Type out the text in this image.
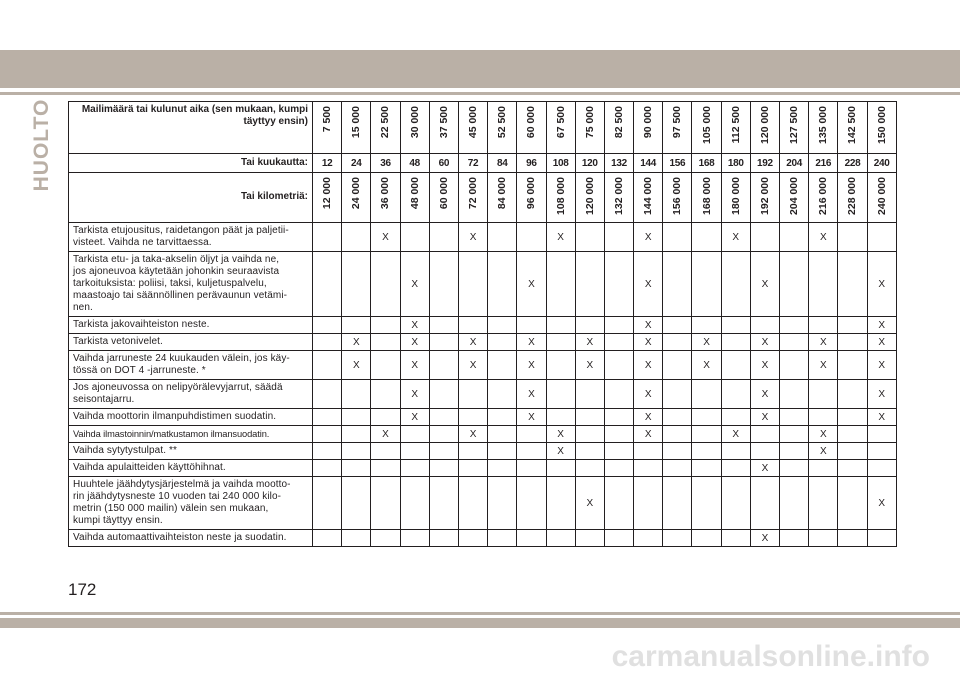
HUOLTO	Mailimäärä tai kulunut aika (sen mukaan, kumpi täyttyy ensin)	7 500	15 000	22 500	30 000	37 500	45 000	52 500	60 000	67 500	75 000	82 500	90 000	97 500	105 000	112 500	120 000	127 500	135 000	142 500	150 000

Tai kuukautta:	12	24	36	48	60	72	84	96	108	120	132	144	156	168	180	192	204	216	228	240
Tai kilometriä:	12 000	24 000	36 000	48 000	60 000	72 000	84 000	96 000	108 000	120 000	132 000	144 000	156 000	168 000	180 000	192 000	204 000	216 000	228 000	240 000

Tarkista etujousitus, raidetangon päät ja paljetii-
visteet. Vaihda ne tarvittaessa.			X			X			X			X			X			X		
Tarkista etu- ja taka-akselin öljyt ja vaihda ne,
jos ajoneuvoa käytetään johonkin seuraavista
tarkoituksista: poliisi, taksi, kuljetuspalvelu,
maastoajo tai säännöllinen perävaunun vetämi-
nen.				X				X				X				X				X
Tarkista jakovaihteiston neste.				X								X								X
Tarkista vetonivelet.		X		X		X		X		X		X		X		X		X		X
Vaihda jarruneste 24 kuukauden välein, jos käy-
tössä on DOT 4 -jarruneste. *		X		X		X		X		X		X		X		X		X		X
Jos ajoneuvossa on nelipyörälevyjarrut, säädä
seisontajarru.				X				X				X				X				X
Vaihda moottorin ilmanpuhdistimen suodatin.				X				X				X				X				X
Vaihda ilmastoinnin/matkustamon ilmansuodatin.			X			X			X			X			X			X		
Vaihda sytytystulpat. **									X									X		
Vaihda apulaitteiden käyttöhihnat.																X				
Huuhtele jäähdytysjärjestelmä ja vaihda mootto-
rin jäähdytysneste 10 vuoden tai 240 000 kilo-
metrin (150 000 mailin) välein sen mukaan,
kumpi täyttyy ensin.										X										X
Vaihda automaattivaihteiston neste ja suodatin.																X				
172
carmanualsonline.info
